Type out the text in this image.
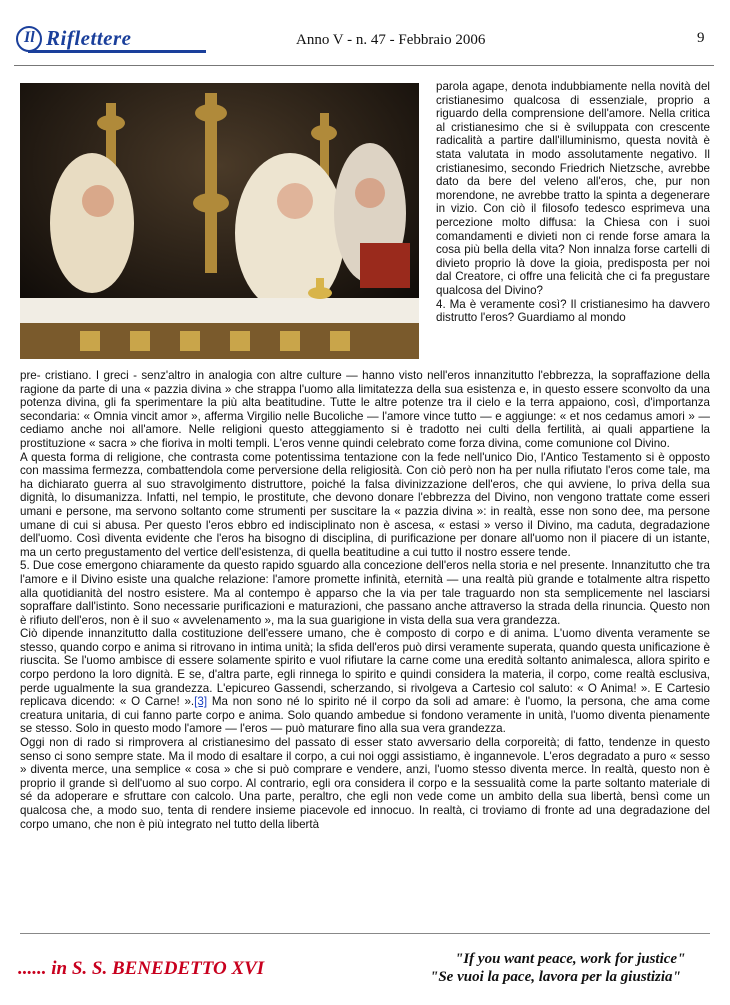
Il Riflettere	Anno V - n. 47 - Febbraio 2006	9

parola agape, denota indubbiamente nella novità del cristianesimo qualcosa di essenziale, proprio a riguardo della comprensione dell'amore. Nella critica al cristianesimo che si è sviluppata con crescente radicalità a partire dall'illuminismo, questa novità è stata valutata in modo assolutamente negativo. Il cristianesimo, secondo Friedrich Nietzsche, avrebbe dato da bere del veleno all'eros, che, pur non morendone, ne avrebbe tratto la spinta a degenerare in vizio. Con ciò il filosofo tedesco esprimeva una percezione molto diffusa: la Chiesa con i suoi comandamenti e divieti non ci rende forse amara la cosa più bella della vita? Non innalza forse cartelli di divieto proprio là dove la gioia, predisposta per noi dal Creatore, ci offre una felicità che ci fa pregustare qualcosa del Divino?

4. Ma è veramente così? Il cristianesimo ha davvero distrutto l'eros? Guardiamo al mondo

pre- cristiano. I greci - senz'altro in analogia con altre culture — hanno visto nell'eros innanzitutto l'ebbrezza, la sopraffazione della ragione da parte di una « pazzia divina » che strappa l'uomo alla limitatezza della sua esistenza e, in questo essere sconvolto da una potenza divina, gli fa sperimentare la più alta beatitudine. Tutte le altre potenze tra il cielo e la terra appaiono, così, d'importanza secondaria: « Omnia vincit amor », afferma Virgilio nelle Bucoliche — l'amore vince tutto — e aggiunge: « et nos cedamus amori » — cediamo anche noi all'amore. Nelle religioni questo atteggiamento si è tradotto nei culti della fertilità, ai quali appartiene la prostituzione « sacra » che fioriva in molti templi. L'eros venne quindi celebrato come forza divina, come comunione col Divino.

A questa forma di religione, che contrasta come potentissima tentazione con la fede nell'unico Dio, l'Antico Testamento si è opposto con massima fermezza, combattendola come perversione della religiosità. Con ciò però non ha per nulla rifiutato l'eros come tale, ma ha dichiarato guerra al suo stravolgimento distruttore, poiché la falsa divinizzazione dell'eros, che qui avviene, lo priva della sua dignità, lo disumanizza. Infatti, nel tempio, le prostitute, che devono donare l'ebbrezza del Divino, non vengono trattate come esseri umani e persone, ma servono soltanto come strumenti per suscitare la « pazzia divina »: in realtà, esse non sono dee, ma persone umane di cui si abusa. Per questo l'eros ebbro ed indisciplinato non è ascesa, « estasi » verso il Divino, ma caduta, degradazione dell'uomo. Così diventa evidente che l'eros ha bisogno di disciplina, di purificazione per donare all'uomo non il piacere di un istante, ma un certo pregustamento del vertice dell'esistenza, di quella beatitudine a cui tutto il nostro essere tende.

5. Due cose emergono chiaramente da questo rapido sguardo alla concezione dell'eros nella storia e nel presente. Innanzitutto che tra l'amore e il Divino esiste una qualche relazione: l'amore promette infinità, eternità — una realtà più grande e totalmente altra rispetto alla quotidianità del nostro esistere. Ma al contempo è apparso che la via per tale traguardo non sta semplicemente nel lasciarsi sopraffare dall'istinto. Sono necessarie purificazioni e maturazioni, che passano anche attraverso la strada della rinuncia. Questo non è rifiuto dell'eros, non è il suo « avvelenamento », ma la sua guarigione in vista della sua vera grandezza.

Ciò dipende innanzitutto dalla costituzione dell'essere umano, che è composto di corpo e di anima. L'uomo diventa veramente se stesso, quando corpo e anima si ritrovano in intima unità; la sfida dell'eros può dirsi veramente superata, quando questa unificazione è riuscita. Se l'uomo ambisce di essere solamente spirito e vuol rifiutare la carne come una eredità soltanto animalesca, allora spirito e corpo perdono la loro dignità. E se, d'altra parte, egli rinnega lo spirito e quindi considera la materia, il corpo, come realtà esclusiva, perde ugualmente la sua grandezza. L'epicureo Gassendi, scherzando, si rivolgeva a Cartesio col saluto: « O Anima! ». E Cartesio replicava dicendo: « O Carne! ».[3] Ma non sono né lo spirito né il corpo da soli ad amare: è l'uomo, la persona, che ama come creatura unitaria, di cui fanno parte corpo e anima. Solo quando ambedue si fondono veramente in unità, l'uomo diventa pienamente se stesso. Solo in questo modo l'amore — l'eros — può maturare fino alla sua vera grandezza.

Oggi non di rado si rimprovera al cristianesimo del passato di esser stato avversario della corporeità; di fatto, tendenze in questo senso ci sono sempre state. Ma il modo di esaltare il corpo, a cui noi oggi assistiamo, è ingannevole. L'eros degradato a puro « sesso » diventa merce, una semplice « cosa » che si può comprare e vendere, anzi, l'uomo stesso diventa merce. In realtà, questo non è proprio il grande sì dell'uomo al suo corpo. Al contrario, egli ora considera il corpo e la sessualità come la parte soltanto materiale di sé da adoperare e sfruttare con calcolo. Una parte, peraltro, che egli non vede come un ambito della sua libertà, bensì come un qualcosa che, a modo suo, tenta di rendere insieme piacevole ed innocuo. In realtà, ci troviamo di fronte ad una degradazione del corpo umano, che non è più integrato nel tutto della libertà

...... in S. S. BENEDETTO XVI	"If you want peace, work for justice"
"Se vuoi la pace, lavora per la giustizia"
